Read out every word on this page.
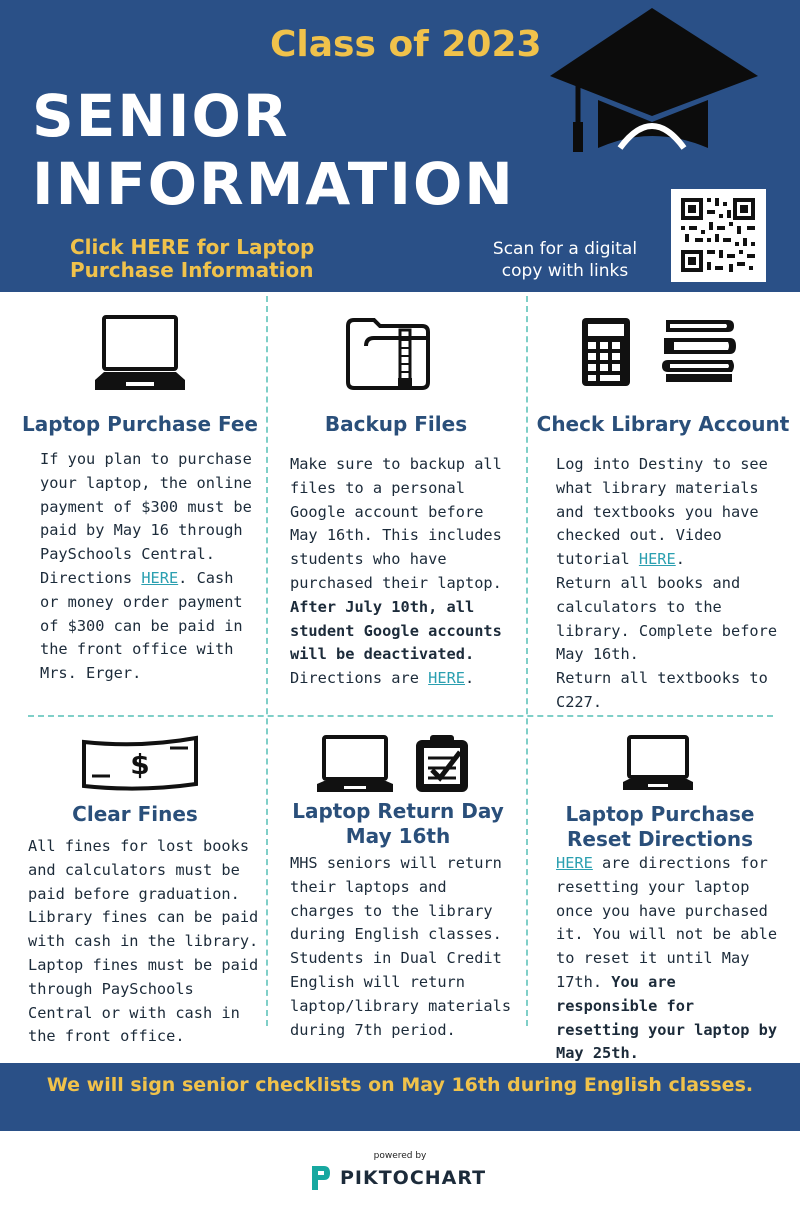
Class of 2023
SENIOR
INFORMATION
Click HERE for Laptop Purchase Information
Scan for a digital copy with links
Laptop Purchase Fee
If you plan to purchase your laptop, the online payment of $300 must be paid by May 16 through PaySchools Central. Directions HERE. Cash or money order payment of $300 can be paid in the front office with Mrs. Erger.
Backup Files
Make sure to backup all files to a personal Google account before May 16th. This includes students who have purchased their laptop. After July 10th, all student Google accounts will be deactivated. Directions are HERE.
Check Library Account
Log into Destiny to see what library materials and textbooks you have checked out. Video tutorial HERE.
Return all books and calculators to the library. Complete before May 16th.
Return all textbooks to C227.
$
Clear Fines
All fines for lost books and calculators must be paid before graduation. Library fines can be paid with cash in the library. Laptop fines must be paid through PaySchools Central or with cash in the front office.
Laptop Return Day May 16th
MHS seniors will return their laptops and charges to the library during English classes. Students in Dual Credit English will return laptop/library materials during 7th period.
Laptop Purchase Reset Directions
HERE are directions for resetting your laptop once you have purchased it. You will not be able to reset it until May 17th. You are responsible for resetting your laptop by May 25th.
We will sign senior checklists on May 16th during English classes.
powered by
PIKTOCHART
